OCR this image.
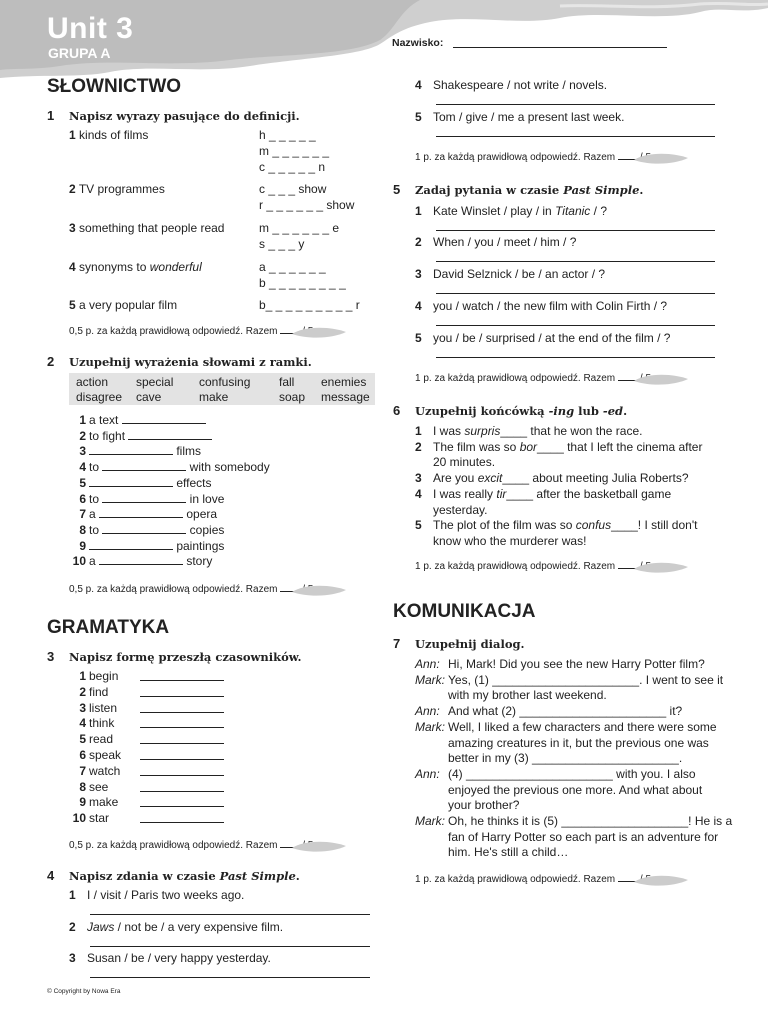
Unit 3
GRUPA A
Nazwisko:
SŁOWNICTWO
1 Napisz wyrazy pasujące do definicji.
1 kinds of films	h _ _ _ _ _
m _ _ _ _ _ _
c _ _ _ _ _ n
2 TV programmes	c _ _ _ show
r _ _ _ _ _ _ show
3 something that people read	m _ _ _ _ _ _ e
s _ _ _ y
4 synonyms to wonderful	a _ _ _ _ _ _
b _ _ _ _ _ _ _ _
5 a very popular film	b_ _ _ _ _ _ _ _ _ r
0,5 p. za każdą prawidłową odpowiedź. Razem
2 Uzupełnij wyrażenia słowami z ramki.
action special confusing fall enemies
disagree cave	make	soap message
1 a text
2 to fight
3	films
4 to	with somebody
5	effects
6 to	in love
7 a	opera
8 to	copies
9	paintings
10 a	story
0,5 p. za każdą prawidłową odpowiedź. Razem
GRAMATYKA
3 Napisz formę przeszłą czasowników.
1 begin
2 find
3 listen
4 think
5 read
6 speak
7 watch
8 see
9 make
10 star
0,5 p. za każdą prawidłową odpowiedź. Razem
4 Napisz zdania w czasie Past Simple.
1 I / visit / Paris two weeks ago.
2 Jaws / not be / a very expensive film.
3 Susan / be / very happy yesterday.
© Copyright by Nowa Era
4 Shakespeare / not write / novels.
5 Tom / give / me a present last week.
1 p. za każdą prawidłową odpowiedź. Razem
5 Zadaj pytania w czasie Past Simple.
1 Kate Winslet / play / in Titanic / ?
2 When / you / meet / him / ?
3 David Selznick / be / an actor / ?
4 you / watch / the new film with Colin Firth / ?
5 you / be / surprised / at the end of the film / ?
1 p. za każdą prawidłową odpowiedź. Razem
6 Uzupełnij końcówką -ing lub -ed.
1 I was surpris____ that he won the race.
2 The film was so bor____ that I left the cinema after
20 minutes.
3 Are you excit____ about meeting Julia Roberts?
4 I was really tir____ after the basketball game
yesterday.
5 The plot of the film was so confus____! I still don't
know who the murderer was!
1 p. za każdą prawidłową odpowiedź. Razem
KOMUNIKACJA
7 Uzupełnij dialog.
Ann: Hi, Mark! Did you see the new Harry Potter film?
Mark: Yes, (1) ______________________. I went to see it
with my brother last weekend.
Ann: And what (2) ______________________ it?
Mark: Well, I liked a few characters and there were some
amazing creatures in it, but the previous one was
better in my (3) ______________________.
Ann: (4) ______________________ with you. I also
enjoyed the previous one more. And what about
your brother?
Mark: Oh, he thinks it is (5) ___________________! He is a
fan of Harry Potter so each part is an adventure for
him. He's still a child…
1 p. za każdą prawidłową odpowiedź. Razem
